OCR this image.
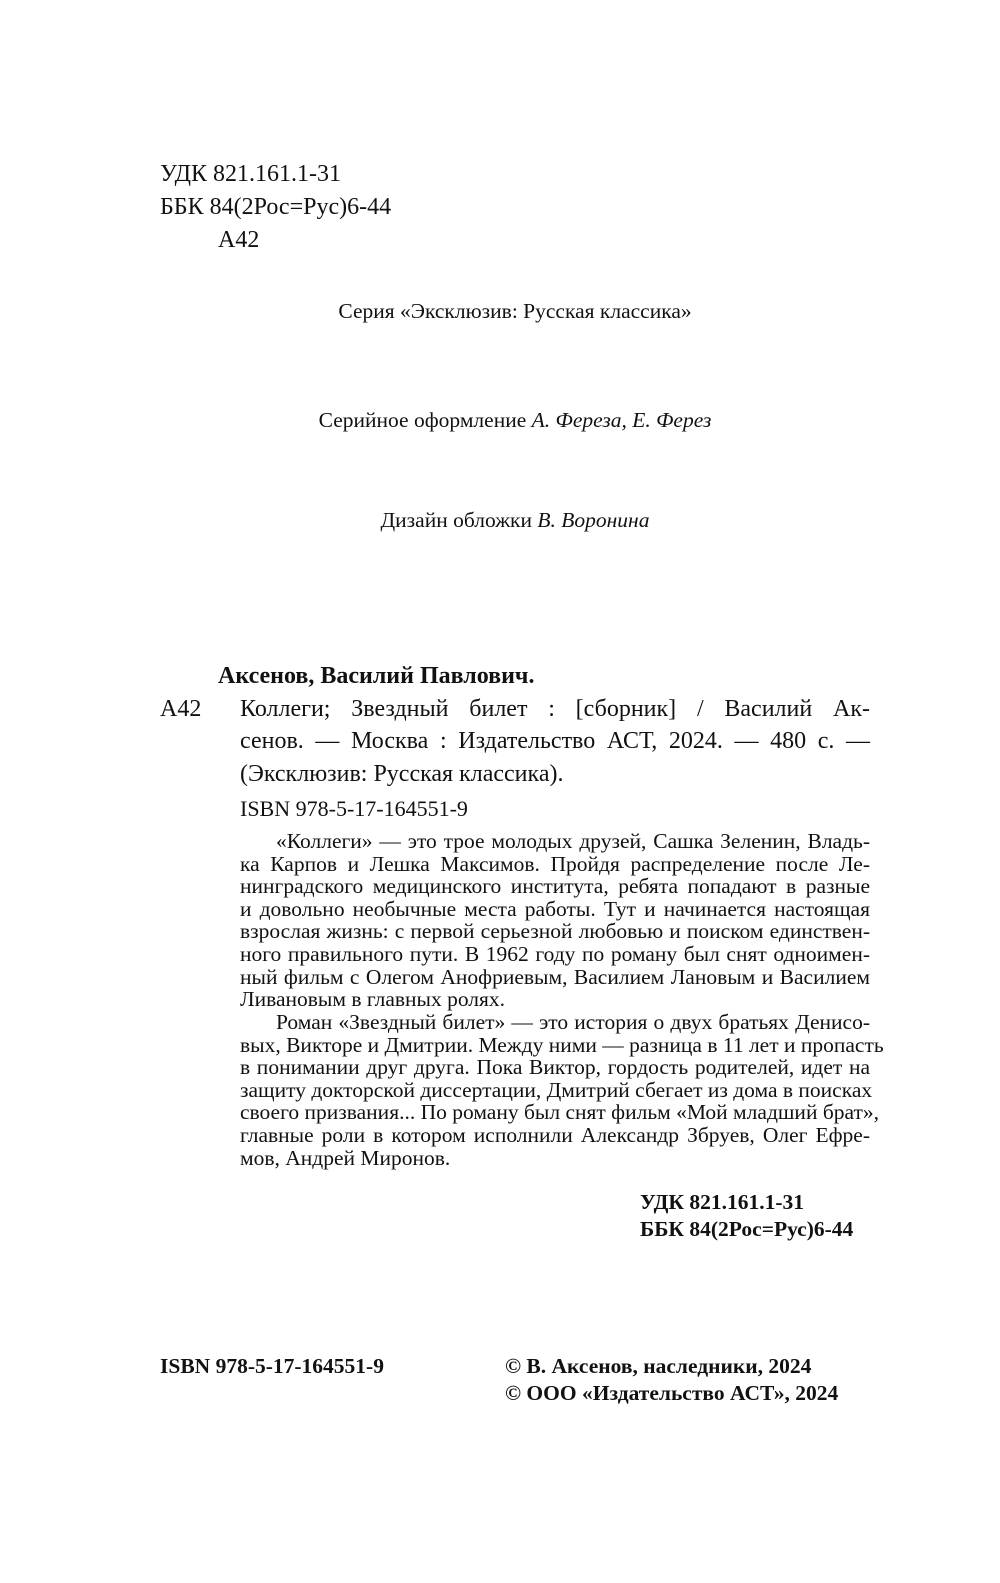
УДК 821.161.1-31
ББК 84(2Рос=Рус)6-44
А42
Серия «Эксклюзив: Русская классика»
Серийное оформление А. Фереза, Е. Ферез
Дизайн обложки В. Воронина
Аксенов, Василий Павлович.
А42 Коллеги; Звездный билет : [сборник] / Василий Ак-
сенов. — Москва : Издательство АСТ, 2024. — 480 с. —
(Эксклюзив: Русская классика).
ISBN 978-5-17-164551-9
«Коллеги» — это трое молодых друзей, Сашка Зеленин, Владь-
ка Карпов и Лешка Максимов. Пройдя распределение после Ле-
нинградского медицинского института, ребята попадают в разные
и довольно необычные места работы. Тут и начинается настоящая
взрослая жизнь: с первой серьезной любовью и поиском единствен-
ного правильного пути. В 1962 году по роману был снят одноимен-
ный фильм с Олегом Анофриевым, Василием Лановым и Василием
Ливановым в главных ролях.
Роман «Звездный билет» — это история о двух братьях Денисо-
вых, Викторе и Дмитрии. Между ними — разница в 11 лет и пропасть
в понимании друг друга. Пока Виктор, гордость родителей, идет на
защиту докторской диссертации, Дмитрий сбегает из дома в поисках
своего призвания... По роману был снят фильм «Мой младший брат»,
главные роли в котором исполнили Александр Збруев, Олег Ефре-
мов, Андрей Миронов.
УДК 821.161.1-31
ББК 84(2Рос=Рус)6-44
ISBN 978-5-17-164551-9	© В. Аксенов, наследники, 2024
© ООО «Издательство АСТ», 2024
